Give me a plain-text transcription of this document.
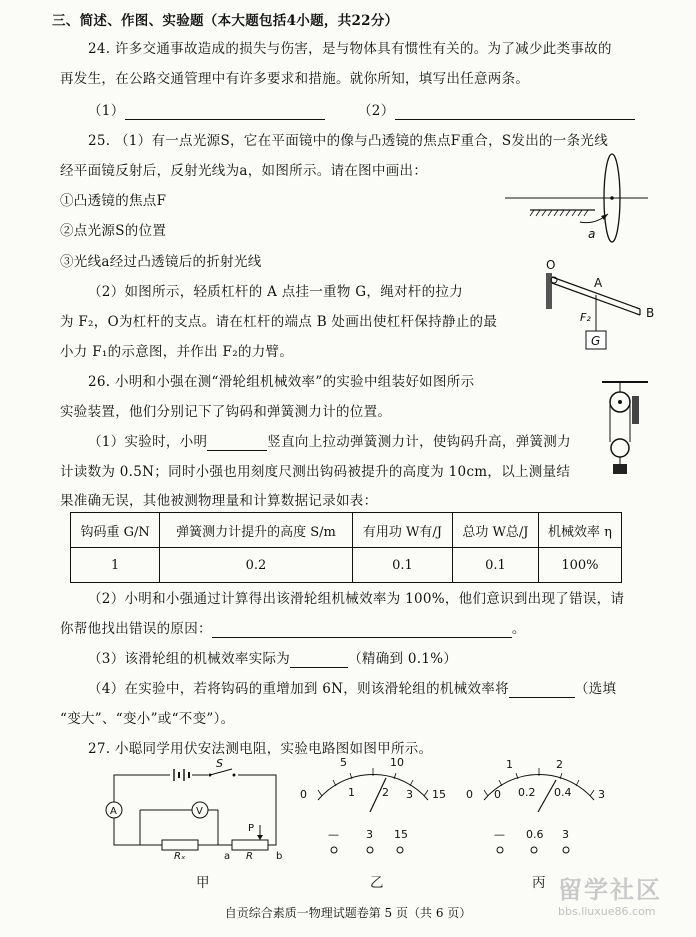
三、简述、作图、实验题（本大题包括4小题，共22分）
24. 许多交通事故造成的损失与伤害，是与物体具有惯性有关的。为了减少此类事故的
再发生，在公路交通管理中有许多要求和措施。就你所知，填写出任意两条。
（1）	（2）
25. （1）有一点光源S，它在平面镜中的像与凸透镜的焦点F重合，S发出的一条光线
经平面镜反射后，反射光线为a，如图所示。请在图中画出：
①凸透镜的焦点F
②点光源S的位置
③光线a经过凸透镜后的折射光线
（2）如图所示，轻质杠杆的 A 点挂一重物 G，绳对杆的拉力
为 F₂，O为杠杆的支点。请在杠杆的端点 B 处画出使杠杆保持静止的最
小力 F₁的示意图，并作出 F₂的力臂。
a
O
A
B
F₂
G
26. 小明和小强在测“滑轮组机械效率”的实验中组装好如图所示
实验装置，他们分别记下了钩码和弹簧测力计的位置。
（1）实验时，小明	竖直向上拉动弹簧测力计，使钩码升高，弹簧测力
计读数为 0.5N；同时小强也用刻度尺测出钩码被提升的高度为 10cm，以上测量结
果准确无误，其他被测物理量和计算数据记录如表：
钩码重 G/N	弹簧测力计提升的高度 S/m	有用功 W有/J	总功 W总/J	机械效率 η
1	0.2	0.1	0.1	100%
（2）小明和小强通过计算得出该滑轮组机械效率为 100%，他们意识到出现了错误，请
你帮他找出错误的原因：	。
（3）该滑轮组的机械效率实际为	（精确到 0.1%）
（4）在实验中，若将钩码的重增加到 6N，则该滑轮组的机械效率将	（选填
“变大”、“变小”或“不变”）。
27. 小聪同学用伏安法测电阻，实验电路图如图甲所示。
S
A	V
Rₓ	R
P
a	b
5	10
0	1 2 3 15
— 3 15
1	2
0 0 0.2 0.4 3
— 0.6 3
甲	乙	丙 留学社区
bbs.liuxue86.com
自贡综合素质一物理试题卷第 5 页（共 6 页）
